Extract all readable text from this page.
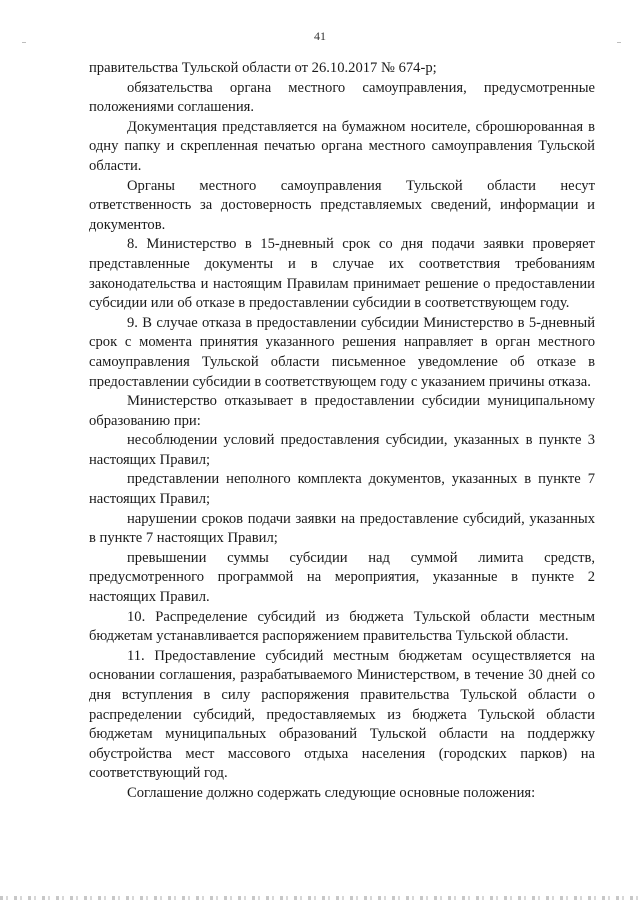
41

правительства Тульской области от 26.10.2017 № 674-р;

обязательства органа местного самоуправления, предусмотренные положениями соглашения.

Документация представляется на бумажном носителе, сброшюрованная в одну папку и скрепленная печатью органа местного самоуправления Тульской области.

Органы местного самоуправления Тульской области несут ответственность за достоверность представляемых сведений, информации и документов.

8. Министерство в 15-дневный срок со дня подачи заявки проверяет представленные документы и в случае их соответствия требованиям законодательства и настоящим Правилам принимает решение о предоставлении субсидии или об отказе в предоставлении субсидии в соответствующем году.

9. В случае отказа в предоставлении субсидии Министерство в 5-дневный срок с момента принятия указанного решения направляет в орган местного самоуправления Тульской области письменное уведомление об отказе в предоставлении субсидии в соответствующем году с указанием причины отказа.

Министерство отказывает в предоставлении субсидии муниципальному образованию при:

несоблюдении условий предоставления субсидии, указанных в пункте 3 настоящих Правил;

представлении неполного комплекта документов, указанных в пункте 7 настоящих Правил;

нарушении сроков подачи заявки на предоставление субсидий, указанных в пункте 7 настоящих Правил;

превышении суммы субсидии над суммой лимита средств, предусмотренного программой на мероприятия, указанные в пункте 2 настоящих Правил.

10. Распределение субсидий из бюджета Тульской области местным бюджетам устанавливается распоряжением правительства Тульской области.

11. Предоставление субсидий местным бюджетам осуществляется на основании соглашения, разрабатываемого Министерством, в течение 30 дней со дня вступления в силу распоряжения правительства Тульской области о распределении субсидий, предоставляемых из бюджета Тульской области бюджетам муниципальных образований Тульской области на поддержку обустройства мест массового отдыха населения (городских парков) на соответствующий год.

Соглашение должно содержать следующие основные положения:
